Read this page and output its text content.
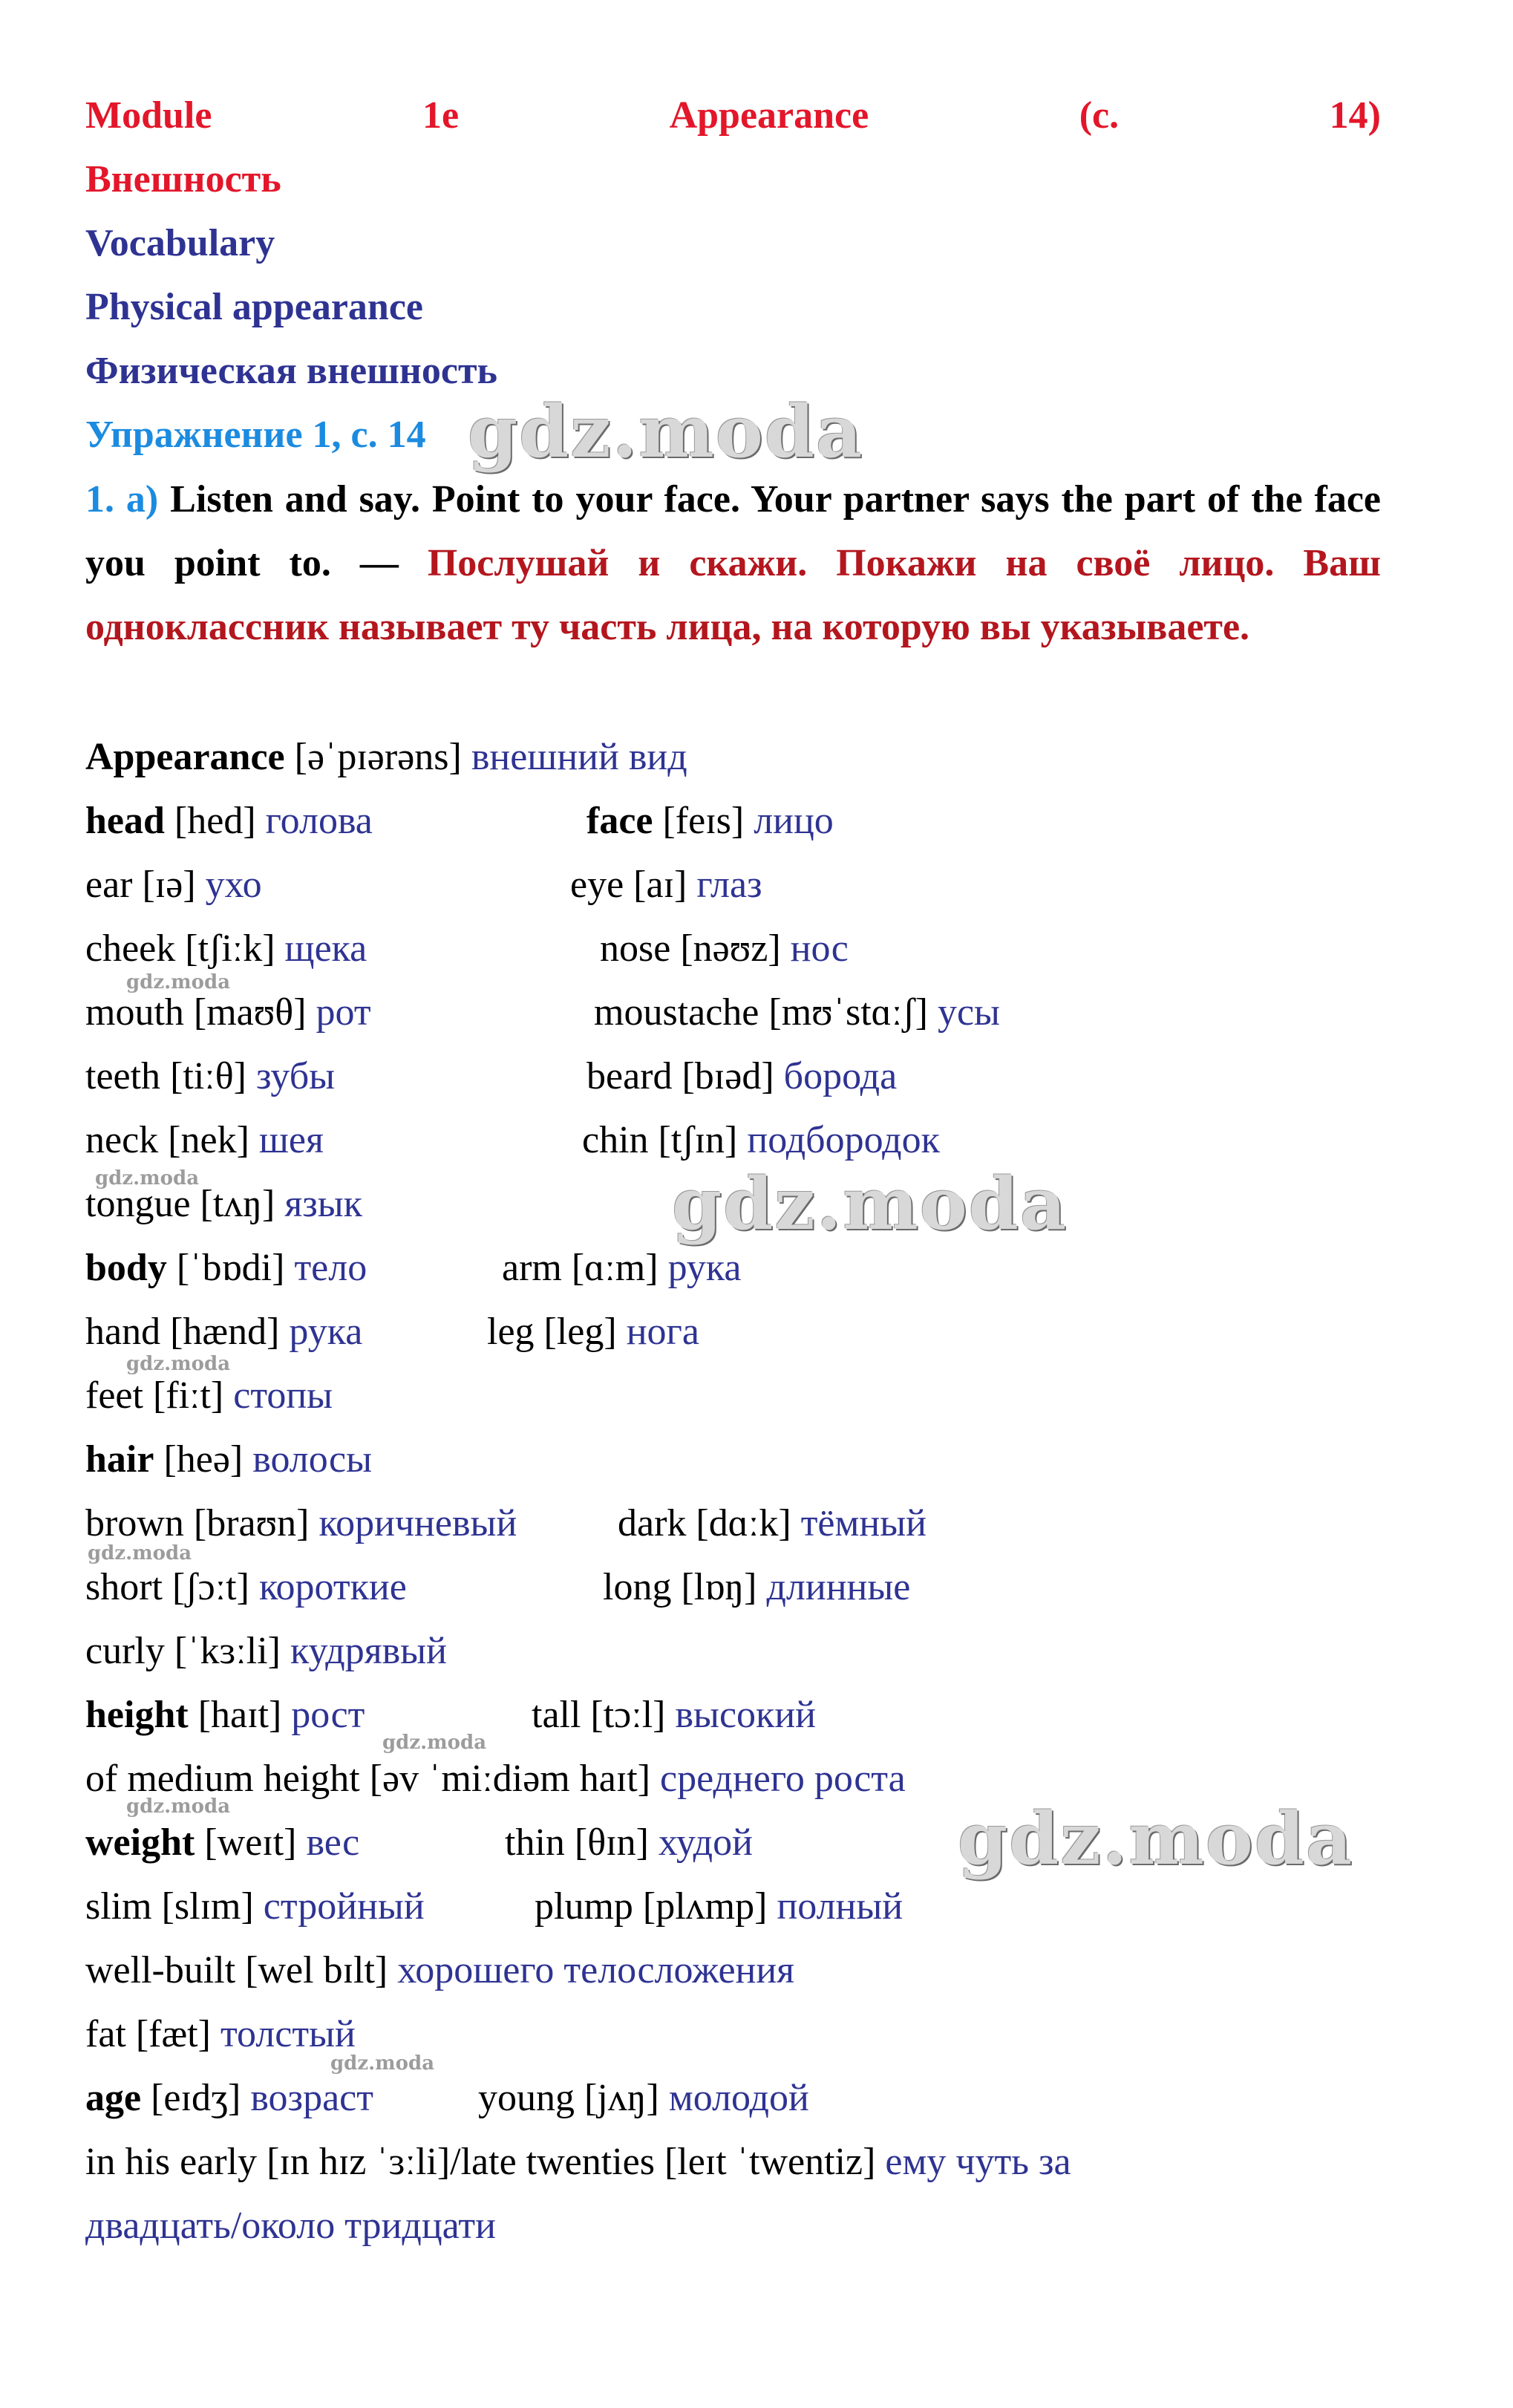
Module	1e	Appearance	(с.	14)
Внешность
Vocabulary
Physical appearance
Физическая внешность
Упражнение 1, с. 14
1. a) Listen and say. Point to your face. Your partner says the part of the face you point to. — Послушай и скажи. Покажи на своё лицо. Ваш одноклассник называет ту часть лица, на которую вы указываете.
Appearance [əˈpɪərəns] внешний вид
head [hed] голова	face [feɪs] лицо
ear [ɪə] ухо	eye [aɪ] глаз
cheek [tʃiːk] щека	nose [nəʊz] нос
mouth [maʊθ] рот	moustache [mʊˈstɑːʃ] усы
teeth [tiːθ] зубы	beard [bɪəd] борода
neck [nek] шея	chin [tʃɪn] подбородок
tongue [tʌŋ] язык
body [ˈbɒdi] тело	arm [ɑːm] рука
hand [hænd] рука	leg [leg] нога
feet [fiːt] стопы
hair [heə] волосы
brown [braʊn] коричневый	dark [dɑːk] тёмный
short [ʃɔːt] короткие	long [lɒŋ] длинные
curly [ˈkɜːli] кудрявый
height [haɪt] рост	tall [tɔːl] высокий
of medium height [əv ˈmiːdiəm haɪt] среднего роста
weight [weɪt] вес	thin [θɪn] худой
slim [slɪm] стройный	plump [plʌmp] полный
well-built [wel bɪlt] хорошего телосложения
fat [fæt] толстый
age [eɪdʒ] возраст	young [jʌŋ] молодой
in his early [ɪn hɪz ˈɜːli]/late twenties [leɪt ˈtwentiz] ему чуть за
двадцать/около тридцати
gdz.moda
gdz.moda
gdz.moda
gdz.moda
gdz.moda
gdz.moda
gdz.moda
gdz.moda
gdz.moda
gdz.moda
